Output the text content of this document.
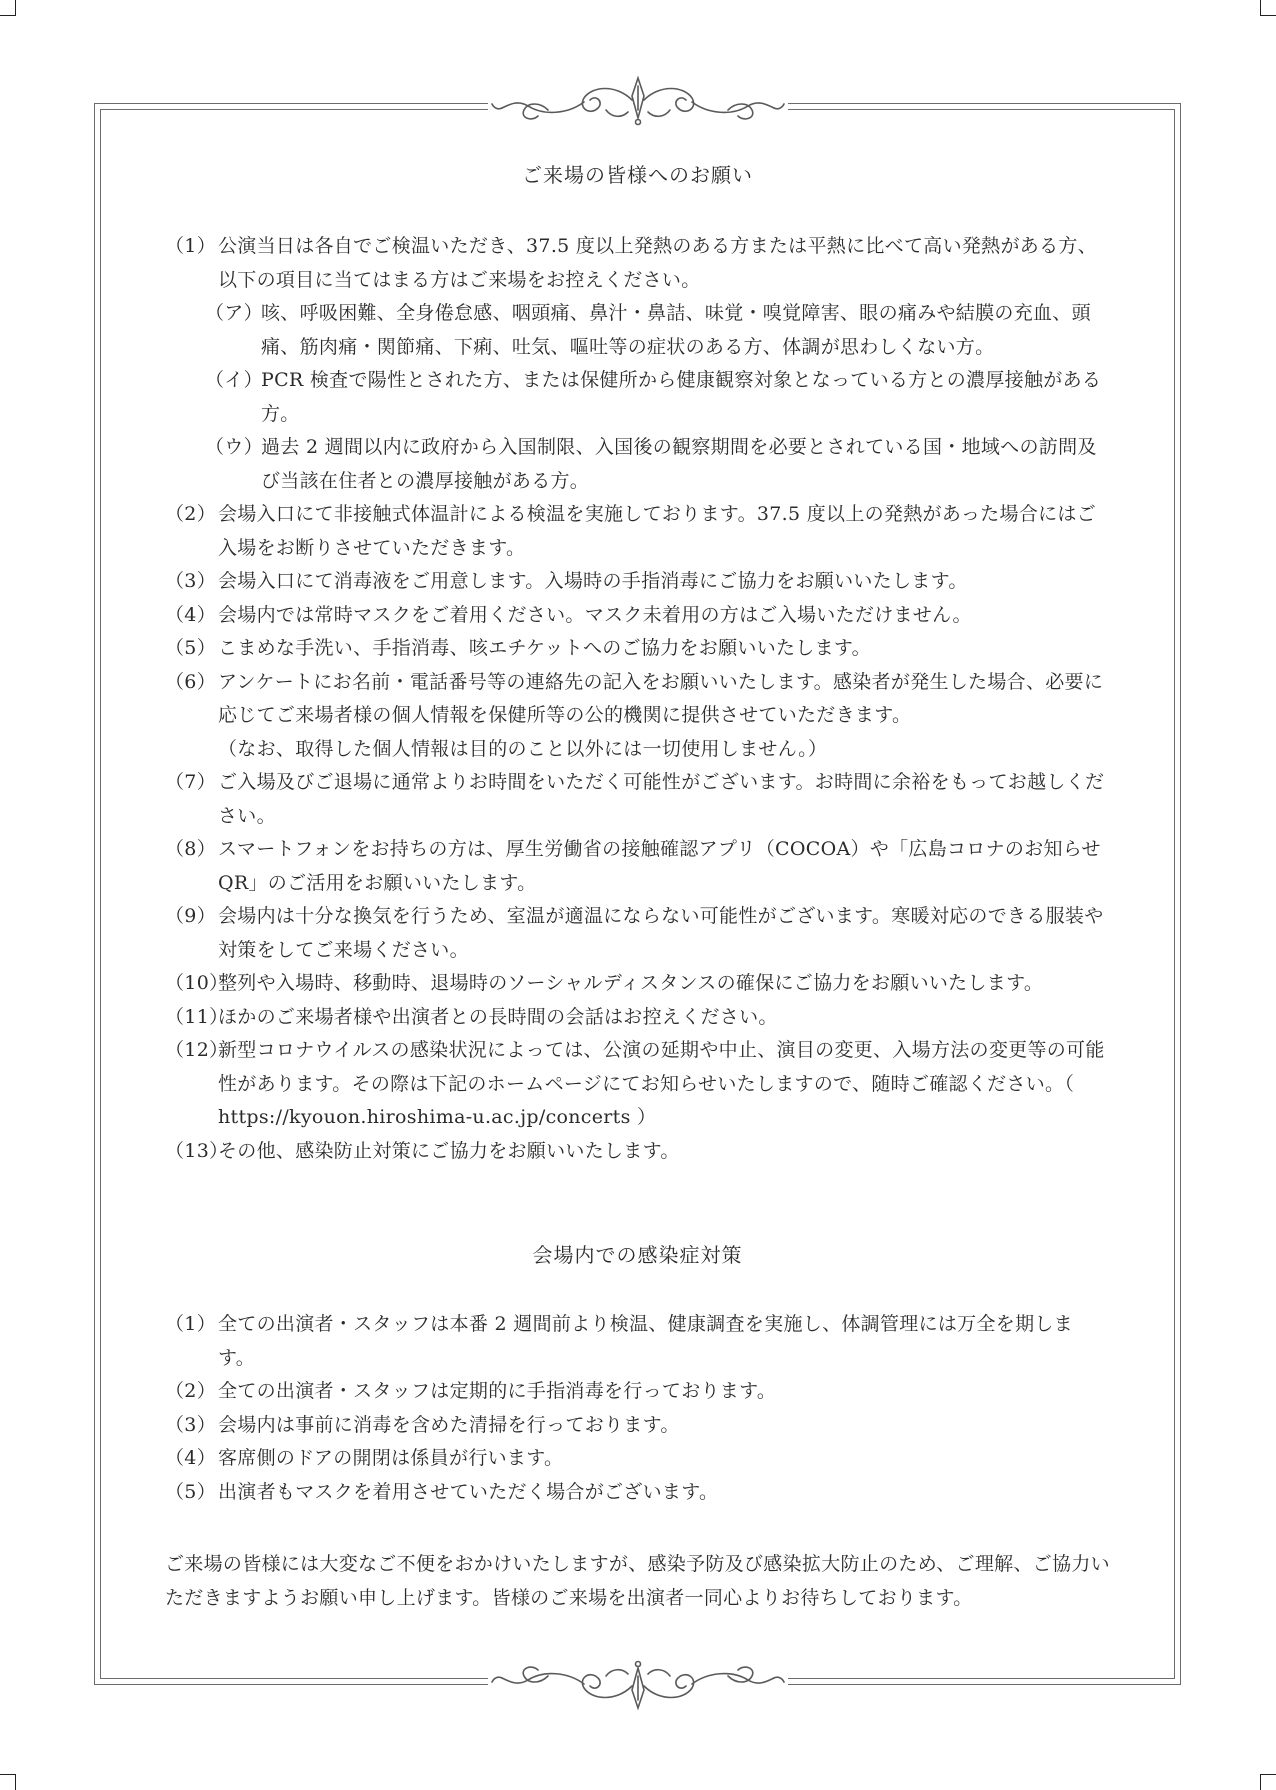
ご来場の皆様へのお願い
（1） 公演当日は各自でご検温いただき、37.5 度以上発熱のある方または平熱に比べて高い発熱がある方、以下の項目に当てはまる方はご来場をお控えください。
（ア）
咳、呼吸困難、全身倦怠感、咽頭痛、鼻汁・鼻詰、味覚・嗅覚障害、眼の痛みや結膜の充血、頭痛、筋肉痛・関節痛、下痢、吐気、嘔吐等の症状のある方、体調が思わしくない方。
（イ）
PCR 検査で陽性とされた方、または保健所から健康観察対象となっている方との濃厚接触がある方。
（ウ）
過去 2 週間以内に政府から入国制限、入国後の観察期間を必要とされている国・地域への訪問及び当該在住者との濃厚接触がある方。
（2） 会場入口にて非接触式体温計による検温を実施しております。37.5 度以上の発熱があった場合にはご入場をお断りさせていただきます。
（3） 会場入口にて消毒液をご用意します。入場時の手指消毒にご協力をお願いいたします。
（4） 会場内では常時マスクをご着用ください。マスク未着用の方はご入場いただけません。
（5） こまめな手洗い、手指消毒、咳エチケットへのご協力をお願いいたします。
（6） アンケートにお名前・電話番号等の連絡先の記入をお願いいたします。感染者が発生した場合、必要に応じてご来場者様の個人情報を保健所等の公的機関に提供させていただきます。
（なお、取得した個人情報は目的のこと以外には一切使用しません。）
（7） ご入場及びご退場に通常よりお時間をいただく可能性がございます。お時間に余裕をもってお越しください。
（8） スマートフォンをお持ちの方は、厚生労働省の接触確認アプリ（COCOA）や「広島コロナのお知らせ QR」のご活用をお願いいたします。
（9） 会場内は十分な換気を行うため、室温が適温にならない可能性がございます。寒暖対応のできる服装や対策をしてご来場ください。
（10）
整列や入場時、移動時、退場時のソーシャルディスタンスの確保にご協力をお願いいたします。
（11）
ほかのご来場者様や出演者との長時間の会話はお控えください。
（12）
新型コロナウイルスの感染状況によっては、公演の延期や中止、演目の変更、入場方法の変更等の可能性があります。その際は下記のホームページにてお知らせいたしますので、随時ご確認ください。（ https://kyouon.hiroshima-u.ac.jp/concerts ）
（13）
その他、感染防止対策にご協力をお願いいたします。
会場内での感染症対策
（1） 全ての出演者・スタッフは本番 2 週間前より検温、健康調査を実施し、体調管理には万全を期します。
（2） 全ての出演者・スタッフは定期的に手指消毒を行っております。
（3） 会場内は事前に消毒を含めた清掃を行っております。
（4） 客席側のドアの開閉は係員が行います。
（5） 出演者もマスクを着用させていただく場合がございます。
ご来場の皆様には大変なご不便をおかけいたしますが、感染予防及び感染拡大防止のため、ご理解、ご協力いただきますようお願い申し上げます。皆様のご来場を出演者一同心よりお待ちしております。
